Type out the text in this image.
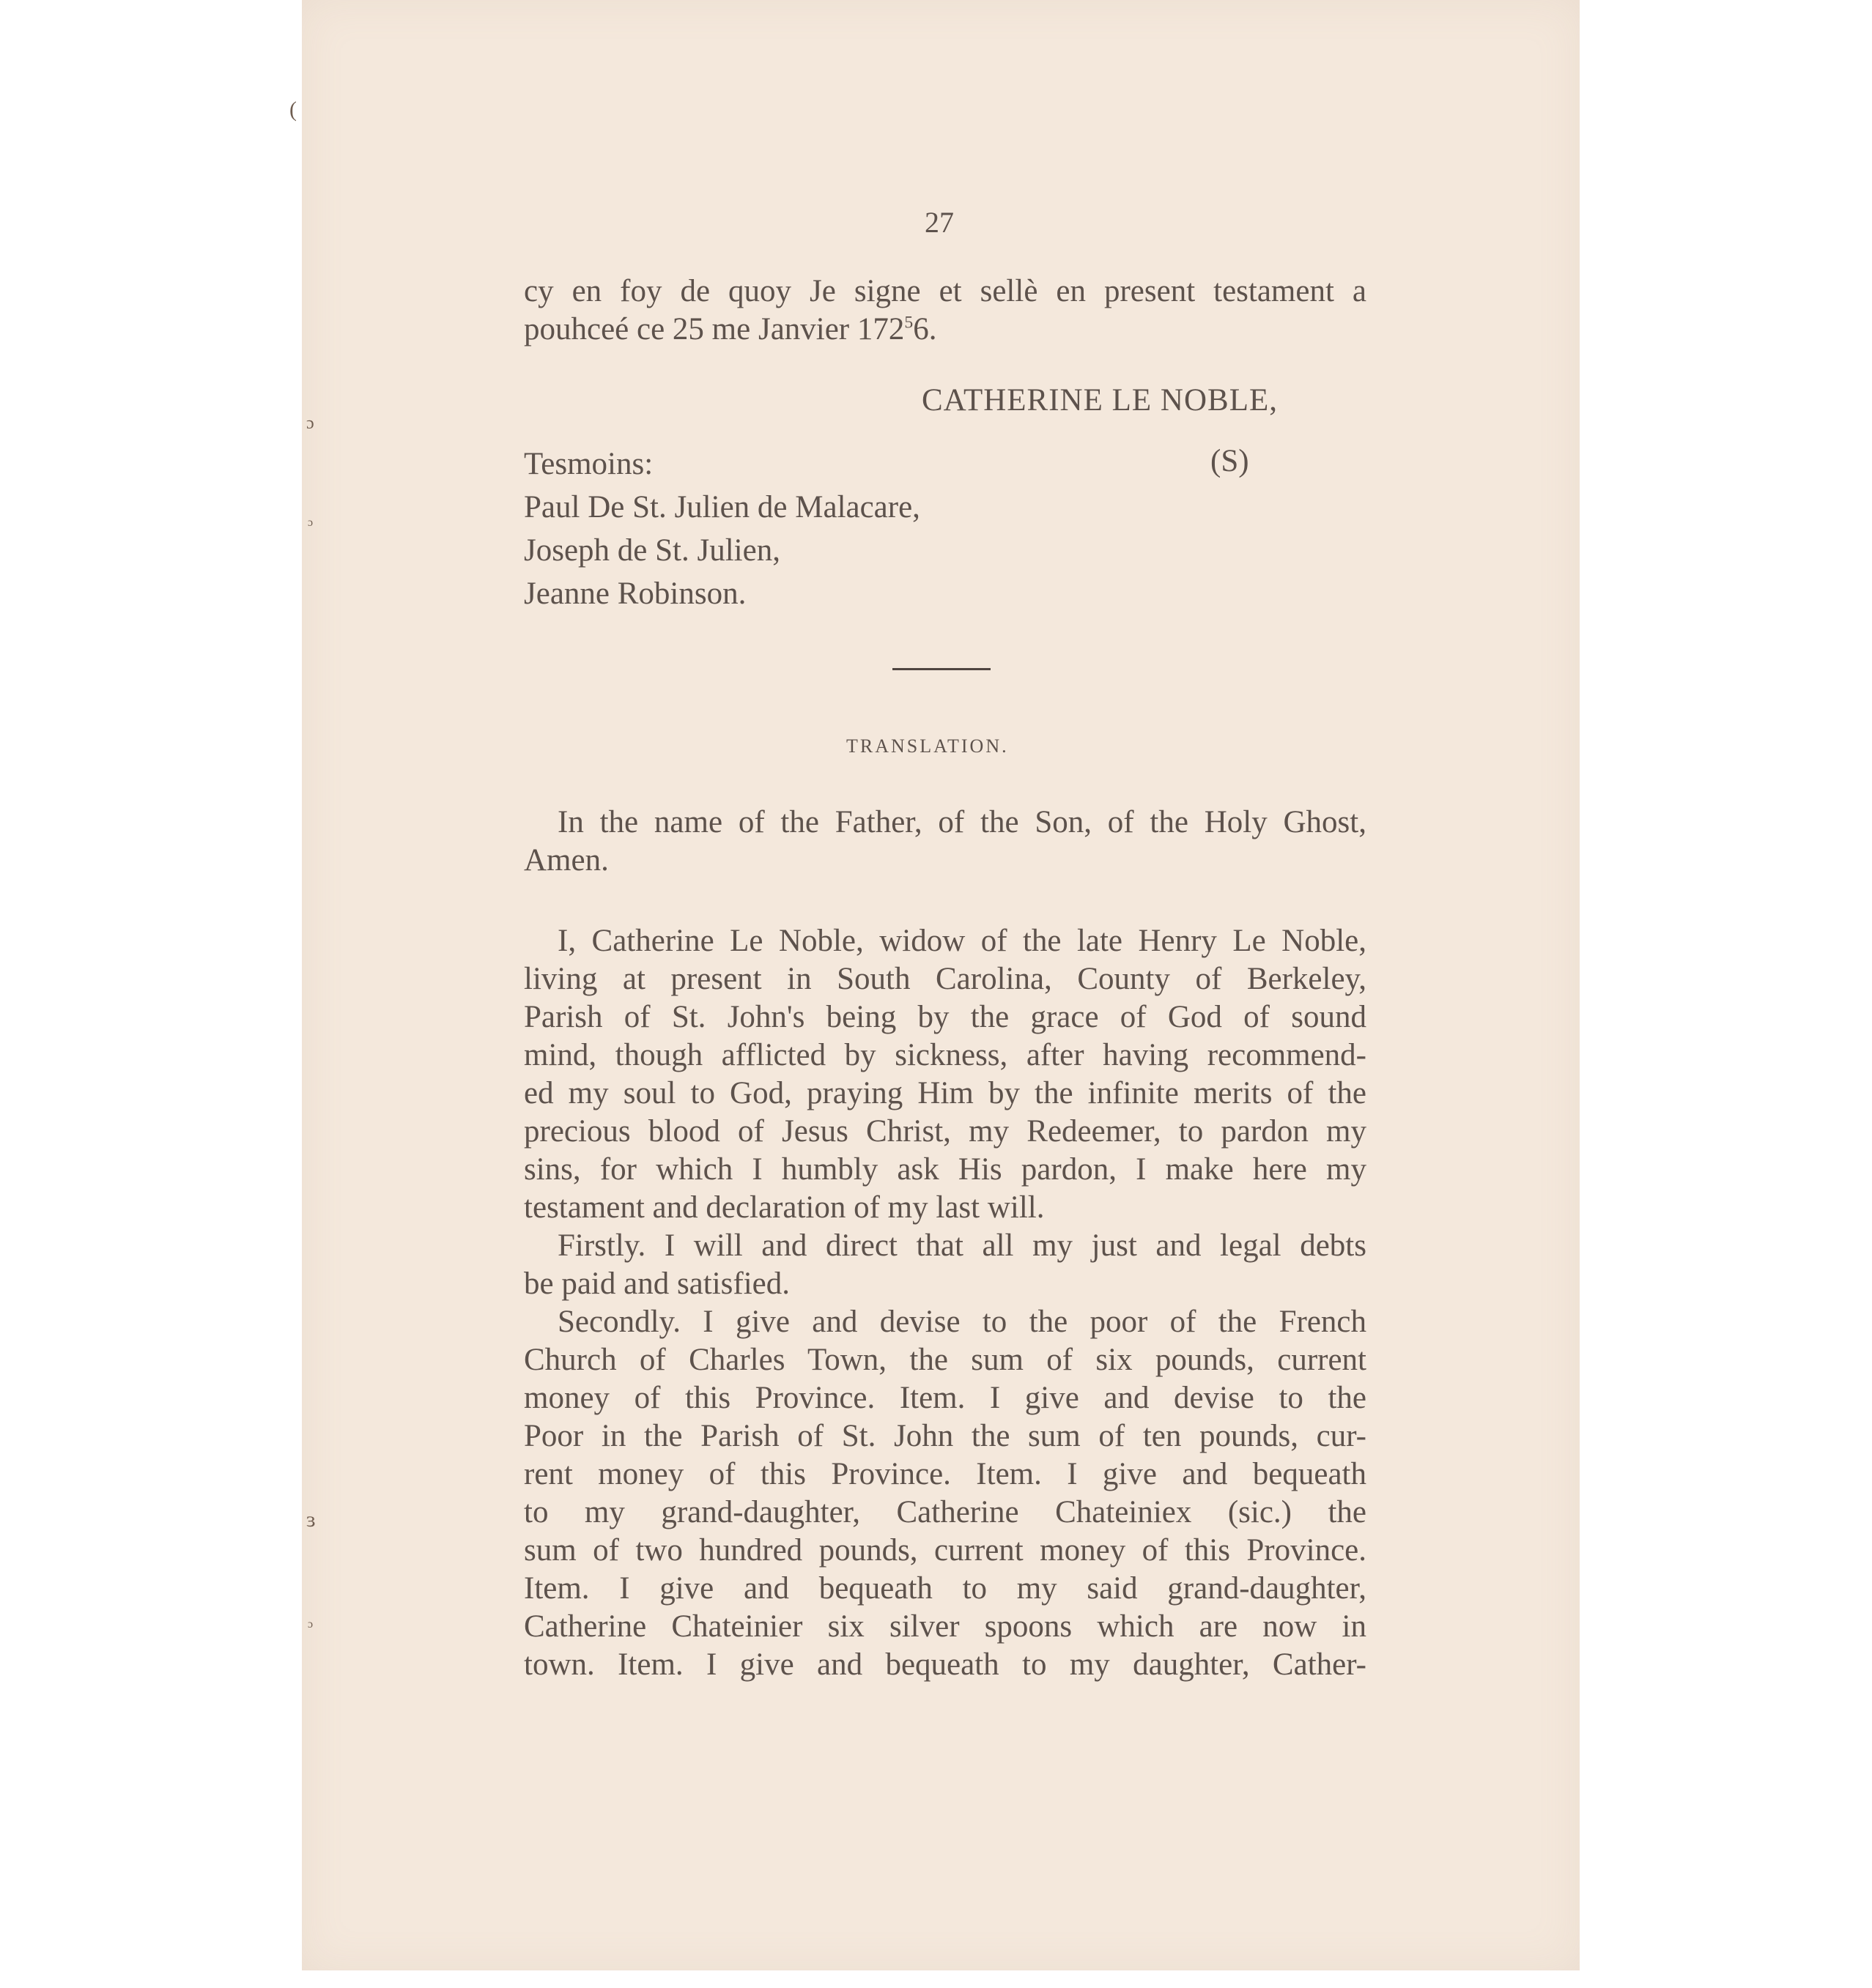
(
ɔ
ɔ
ɜ
ɔ
27
cy en foy de quoy Je signe et sellè en present testament a
pouhceé ce 25 me Janvier $172^56$.
CATHERINE LE NOBLE,
(S)
Tesmoins:
Paul De St. Julien de Malacare,
Joseph de St. Julien,
Jeanne Robinson.
TRANSLATION.
In the name of the Father, of the Son, of the Holy Ghost,
Amen.
I, Catherine Le Noble, widow of the late Henry Le Noble,
living at present in South Carolina, County of Berkeley,
Parish of St. John's being by the grace of God of sound
mind, though afflicted by sickness, after having recommend-
ed my soul to God, praying Him by the infinite merits of the
precious blood of Jesus Christ, my Redeemer, to pardon my
sins, for which I humbly ask His pardon, I make here my
testament and declaration of my last will.
Firstly. I will and direct that all my just and legal debts
be paid and satisfied.
Secondly. I give and devise to the poor of the French
Church of Charles Town, the sum of six pounds, current
money of this Province. Item. I give and devise to the
Poor in the Parish of St. John the sum of ten pounds, cur-
rent money of this Province. Item. I give and bequeath
to my grand-daughter, Catherine Chateiniex (sic.) the
sum of two hundred pounds, current money of this Province.
Item. I give and bequeath to my said grand-daughter,
Catherine Chateinier six silver spoons which are now in
town. Item. I give and bequeath to my daughter, Cather-
